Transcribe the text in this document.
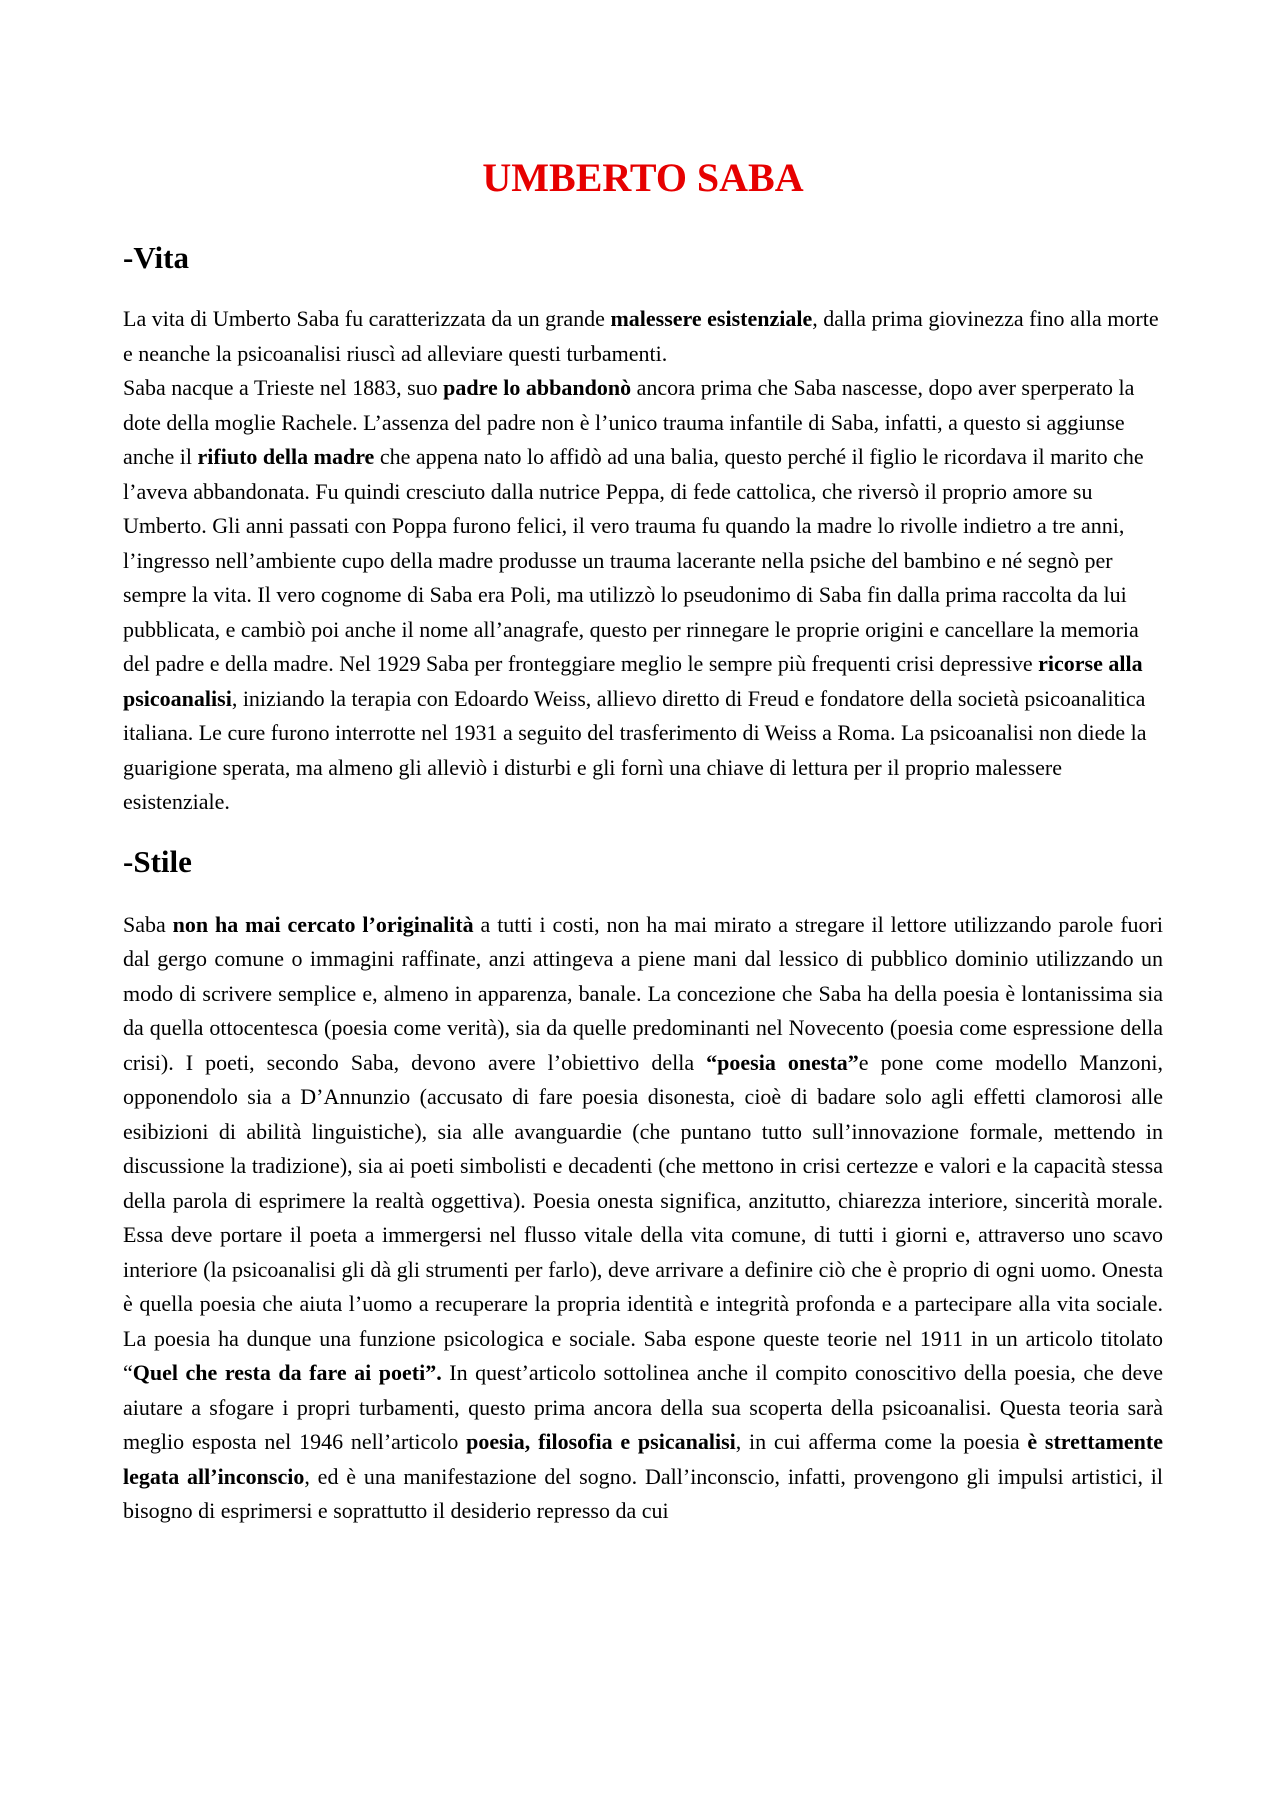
UMBERTO SABA
-Vita

La vita di Umberto Saba fu caratterizzata da un grande malessere esistenziale, dalla prima giovinezza fino alla morte e neanche la psicoanalisi riuscì ad alleviare questi turbamenti.

Saba nacque a Trieste nel 1883, suo padre lo abbandonò ancora prima che Saba nascesse, dopo aver sperperato la dote della moglie Rachele. L’assenza del padre non è l’unico trauma infantile di Saba, infatti, a questo si aggiunse anche il rifiuto della madre che appena nato lo affidò ad una balia, questo perché il figlio le ricordava il marito che l’aveva abbandonata. Fu quindi cresciuto dalla nutrice Peppa, di fede cattolica, che riversò il proprio amore su Umberto. Gli anni passati con Poppa furono felici, il vero trauma fu quando la madre lo rivolle indietro a tre anni, l’ingresso nell’ambiente cupo della madre produsse un trauma lacerante nella psiche del bambino e né segnò per sempre la vita. Il vero cognome di Saba era Poli, ma utilizzò lo pseudonimo di Saba fin dalla prima raccolta da lui pubblicata, e cambiò poi anche il nome all’anagrafe, questo per rinnegare le proprie origini e cancellare la memoria del padre e della madre. Nel 1929 Saba per fronteggiare meglio le sempre più frequenti crisi depressive ricorse alla psicoanalisi, iniziando la terapia con Edoardo Weiss, allievo diretto di Freud e fondatore della società psicoanalitica italiana. Le cure furono interrotte nel 1931 a seguito del trasferimento di Weiss a Roma. La psicoanalisi non diede la guarigione sperata, ma almeno gli alleviò i disturbi e gli fornì una chiave di lettura per il proprio malessere esistenziale.

-Stile

Saba non ha mai cercato l’originalità a tutti i costi, non ha mai mirato a stregare il lettore utilizzando parole fuori dal gergo comune o immagini raffinate, anzi attingeva a piene mani dal lessico di pubblico dominio utilizzando un modo di scrivere semplice e, almeno in apparenza, banale. La concezione che Saba ha della poesia è lontanissima sia da quella ottocentesca (poesia come verità), sia da quelle predominanti nel Novecento (poesia come espressione della crisi). I poeti, secondo Saba, devono avere l’obiettivo della “poesia onesta”e pone come modello Manzoni, opponendolo sia a D’Annunzio (accusato di fare poesia disonesta, cioè di badare solo agli effetti clamorosi alle esibizioni di abilità linguistiche), sia alle avanguardie (che puntano tutto sull’innovazione formale, mettendo in discussione la tradizione), sia ai poeti simbolisti e decadenti (che mettono in crisi certezze e valori e la capacità stessa della parola di esprimere la realtà oggettiva). Poesia onesta significa, anzitutto, chiarezza interiore, sincerità morale. Essa deve portare il poeta a immergersi nel flusso vitale della vita comune, di tutti i giorni e, attraverso uno scavo interiore (la psicoanalisi gli dà gli strumenti per farlo), deve arrivare a definire ciò che è proprio di ogni uomo. Onesta è quella poesia che aiuta l’uomo a recuperare la propria identità e integrità profonda e a partecipare alla vita sociale. La poesia ha dunque una funzione psicologica e sociale. Saba espone queste teorie nel 1911 in un articolo titolato “Quel che resta da fare ai poeti”. In quest’articolo sottolinea anche il compito conoscitivo della poesia, che deve aiutare a sfogare i propri turbamenti, questo prima ancora della sua scoperta della psicoanalisi. Questa teoria sarà meglio esposta nel 1946 nell’articolo poesia, filosofia e psicanalisi, in cui afferma come la poesia è strettamente legata all’inconscio, ed è una manifestazione del sogno. Dall’inconscio, infatti, provengono gli impulsi artistici, il bisogno di esprimersi e soprattutto il desiderio represso da cui
